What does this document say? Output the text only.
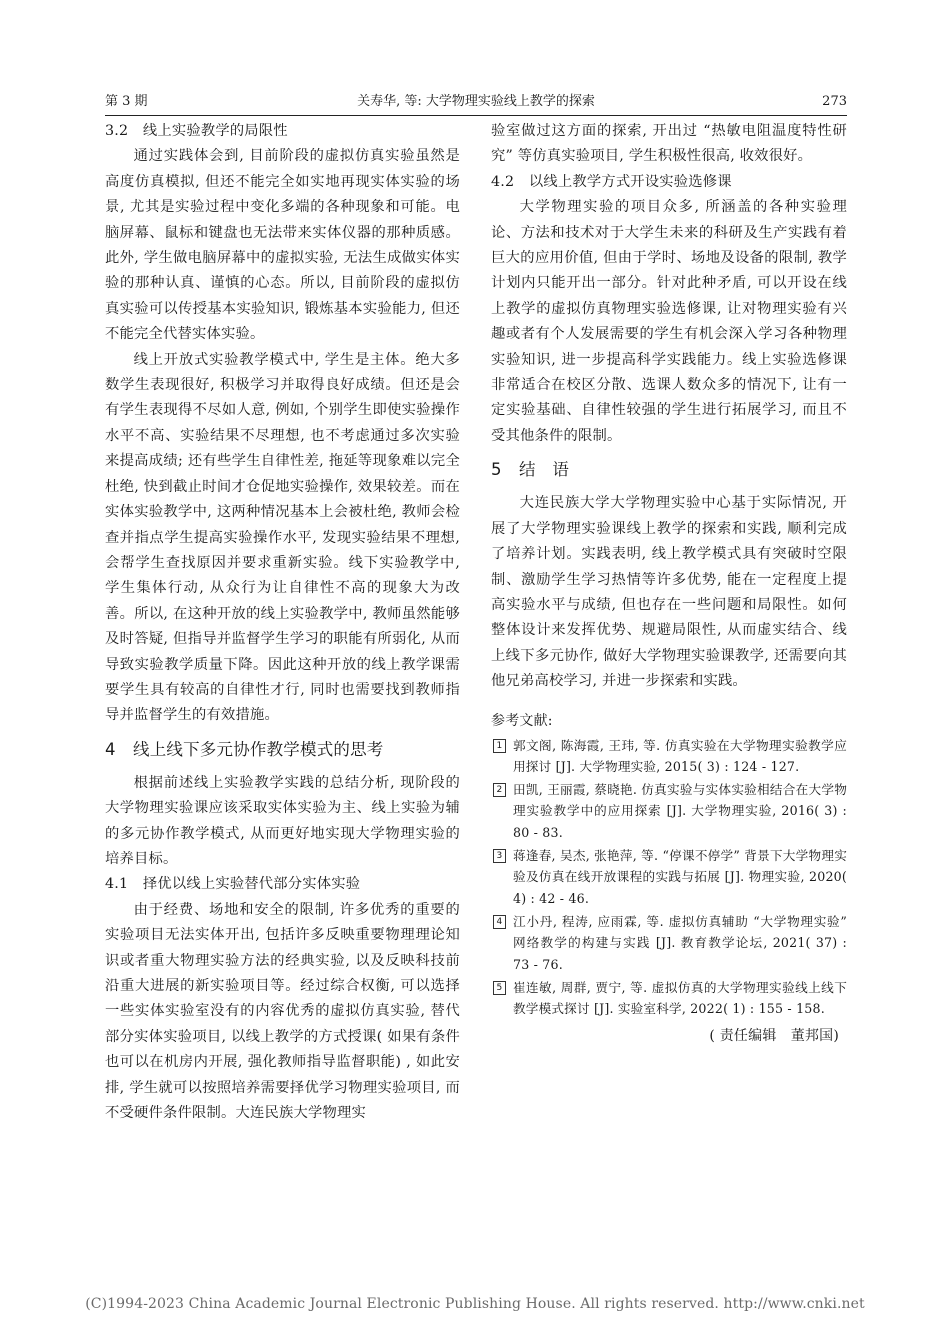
第 3 期	关寿华, 等: 大学物理实验线上教学的探索	273
3.2　线上实验教学的局限性

通过实践体会到, 目前阶段的虚拟仿真实验虽然是高度仿真模拟, 但还不能完全如实地再现实体实验的场景, 尤其是实验过程中变化多端的各种现象和可能。电脑屏幕、鼠标和键盘也无法带来实体仪器的那种质感。此外, 学生做电脑屏幕中的虚拟实验, 无法生成做实体实验的那种认真、谨慎的心态。所以, 目前阶段的虚拟仿真实验可以传授基本实验知识, 锻炼基本实验能力, 但还不能完全代替实体实验。

线上开放式实验教学模式中, 学生是主体。绝大多数学生表现很好, 积极学习并取得良好成绩。但还是会有学生表现得不尽如人意, 例如, 个别学生即使实验操作水平不高、实验结果不尽理想, 也不考虑通过多次实验来提高成绩; 还有些学生自律性差, 拖延等现象难以完全杜绝, 快到截止时间才仓促地实验操作, 效果较差。而在实体实验教学中, 这两种情况基本上会被杜绝, 教师会检查并指点学生提高实验操作水平, 发现实验结果不理想, 会帮学生查找原因并要求重新实验。线下实验教学中, 学生集体行动, 从众行为让自律性不高的现象大为改善。所以, 在这种开放的线上实验教学中, 教师虽然能够及时答疑, 但指导并监督学生学习的职能有所弱化, 从而导致实验教学质量下降。因此这种开放的线上教学课需要学生具有较高的自律性才行, 同时也需要找到教师指导并监督学生的有效措施。

4 线上线下多元协作教学模式的思考

根据前述线上实验教学实践的总结分析, 现阶段的大学物理实验课应该采取实体实验为主、线上实验为辅的多元协作教学模式, 从而更好地实现大学物理实验的培养目标。

4.1　择优以线上实验替代部分实体实验

由于经费、场地和安全的限制, 许多优秀的重要的实验项目无法实体开出, 包括许多反映重要物理理论知识或者重大物理实验方法的经典实验, 以及反映科技前沿重大进展的新实验项目等。经过综合权衡, 可以选择一些实体实验室没有的内容优秀的虚拟仿真实验, 替代部分实体实验项目, 以线上教学的方式授课( 如果有条件也可以在机房内开展, 强化教师指导监督职能) , 如此安排, 学生就可以按照培养需要择优学习物理实验项目, 而不受硬件条件限制。大连民族大学物理实

验室做过这方面的探索, 开出过 “热敏电阻温度特性研究” 等仿真实验项目, 学生积极性很高, 收效很好。

4.2　以线上教学方式开设实验选修课

大学物理实验的项目众多, 所涵盖的各种实验理论、方法和技术对于大学生未来的科研及生产实践有着巨大的应用价值, 但由于学时、场地及设备的限制, 教学计划内只能开出一部分。针对此种矛盾, 可以开设在线上教学的虚拟仿真物理实验选修课, 让对物理实验有兴趣或者有个人发展需要的学生有机会深入学习各种物理实验知识, 进一步提高科学实践能力。线上实验选修课非常适合在校区分散、选课人数众多的情况下, 让有一定实验基础、自律性较强的学生进行拓展学习, 而且不受其他条件的限制。

5 结　语

大连民族大学大学物理实验中心基于实际情况, 开展了大学物理实验课线上教学的探索和实践, 顺利完成了培养计划。实践表明, 线上教学模式具有突破时空限制、激励学生学习热情等许多优势, 能在一定程度上提高实验水平与成绩, 但也存在一些问题和局限性。如何整体设计来发挥优势、规避局限性, 从而虚实结合、线上线下多元协作, 做好大学物理实验课教学, 还需要向其他兄弟高校学习, 并进一步探索和实践。

参考文献:
1 郭文阁, 陈海霞, 王玮, 等. 仿真实验在大学物理实验教学应用探讨 [J]. 大学物理实验, 2015( 3) : 124 - 127.
2 田凯, 王丽霞, 蔡晓艳. 仿真实验与实体实验相结合在大学物理实验教学中的应用探索 [J]. 大学物理实验, 2016( 3) : 80 - 83.
3 蒋逢春, 吴杰, 张艳萍, 等. “停课不停学” 背景下大学物理实验及仿真在线开放课程的实践与拓展 [J]. 物理实验, 2020( 4) : 42 - 46.
4 江小丹, 程涛, 应雨霖, 等. 虚拟仿真辅助 “大学物理实验” 网络教学的构建与实践 [J]. 教育教学论坛, 2021( 37) : 73 - 76.
5 崔连敏, 周群, 贾宁, 等. 虚拟仿真的大学物理实验线上线下教学模式探讨 [J]. 实验室科学, 2022( 1) : 155 - 158.
( 责任编辑　董邦国)
(C)1994-2023 China Academic Journal Electronic Publishing House. All rights reserved. http://www.cnki.net
